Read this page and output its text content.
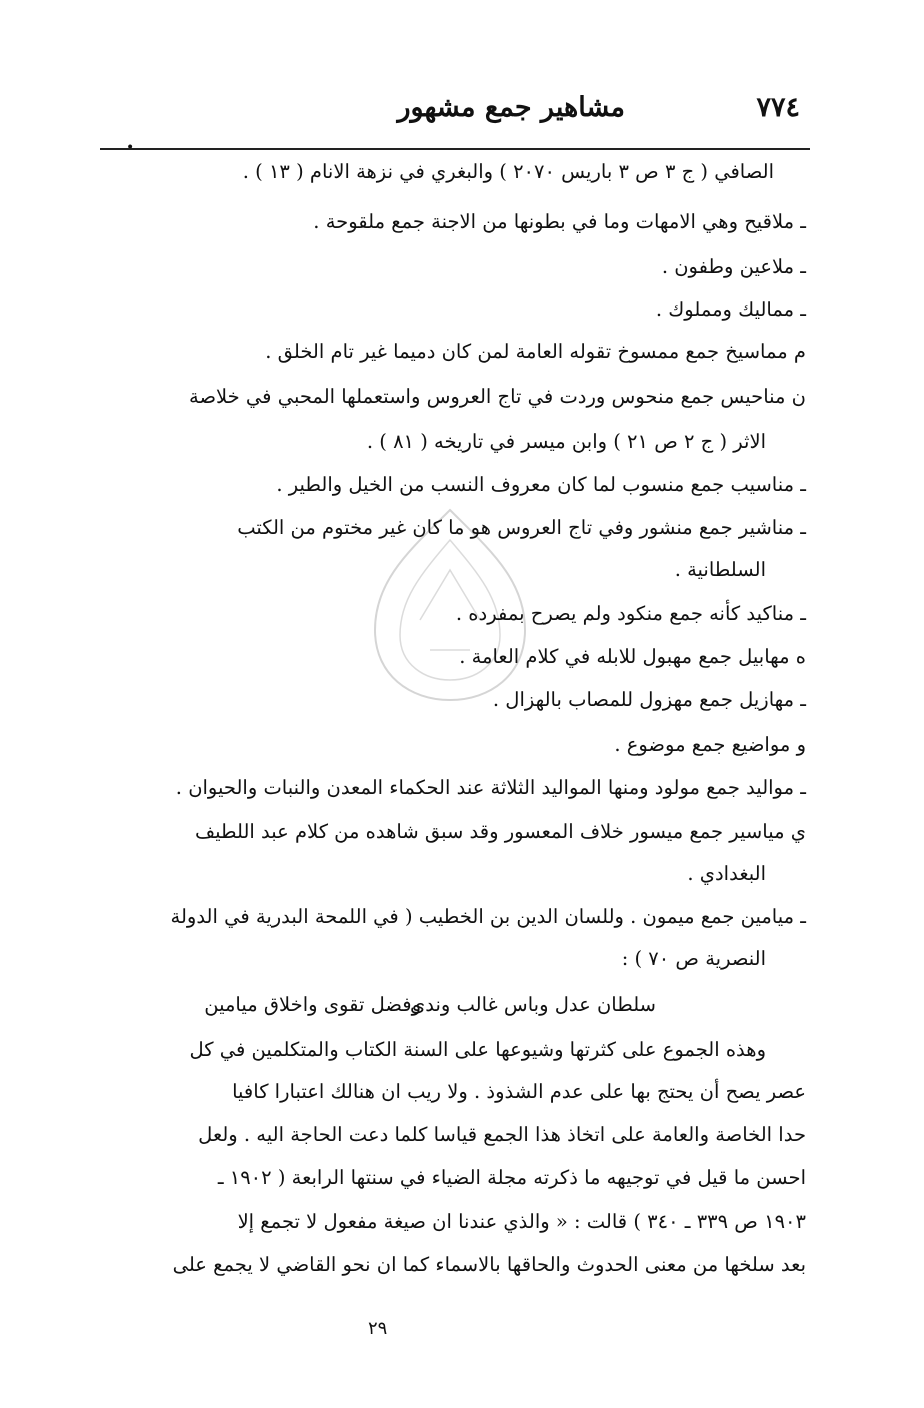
٧٧٤
مشاهير جمع مشهور
•
الصافي ( ج ٣ ص ٣ باريس ٢٠٧٠ ) والبغري في نزهة الانام ( ١٣ ) .
ـ ملاقيح وهي الامهات وما في بطونها من الاجنة جمع ملقوحة .
ـ ملاعين وطفون .
ـ مماليك ومملوك .
م مماسيخ جمع ممسوخ تقوله العامة لمن كان دميما غير تام الخلق .
ن مناحيس جمع منحوس وردت في تاج العروس واستعملها المحبي في خلاصة
الاثر ( ج ٢ ص ٢١ ) وابن ميسر في تاريخه ( ٨١ ) .
ـ مناسيب جمع منسوب لما كان معروف النسب من الخيل والطير .
ـ مناشير جمع منشور وفي تاج العروس هو ما كان غير مختوم من الكتب
السلطانية .
ـ مناكيد كأنه جمع منكود ولم يصرح بمفرده .
ه مهابيل جمع مهبول للابله في كلام العامة .
ـ مهازيل جمع مهزول للمصاب بالهزال .
و مواضيع جمع موضوع .
ـ مواليد جمع مولود ومنها المواليد الثلاثة عند الحكماء المعدن والنبات والحيوان .
ي مياسير جمع ميسور خلاف المعسور وقد سبق شاهده من كلام عبد اللطيف
البغدادي .
ـ ميامين جمع ميمون . وللسان الدين بن الخطيب ( في اللمحة البدرية في الدولة
النصرية ص ٧٠ ) :
سلطان عدل وباس غالب وندى
وفضل تقوى واخلاق ميامين
وهذه الجموع على كثرتها وشيوعها على السنة الكتاب والمتكلمين في كل
عصر يصح أن يحتج بها على عدم الشذوذ . ولا ريب ان هنالك اعتبارا كافيا
حدا الخاصة والعامة على اتخاذ هذا الجمع قياسا كلما دعت الحاجة اليه . ولعل
احسن ما قيل في توجيهه ما ذكرته مجلة الضياء في سنتها الرابعة ( ١٩٠٢ ـ
١٩٠٣ ص ٣٣٩ ـ ٣٤٠ ) قالت : « والذي عندنا ان صيغة مفعول لا تجمع إلا
بعد سلخها من معنى الحدوث والحاقها بالاسماء كما ان نحو القاضي لا يجمع على
٢٩
